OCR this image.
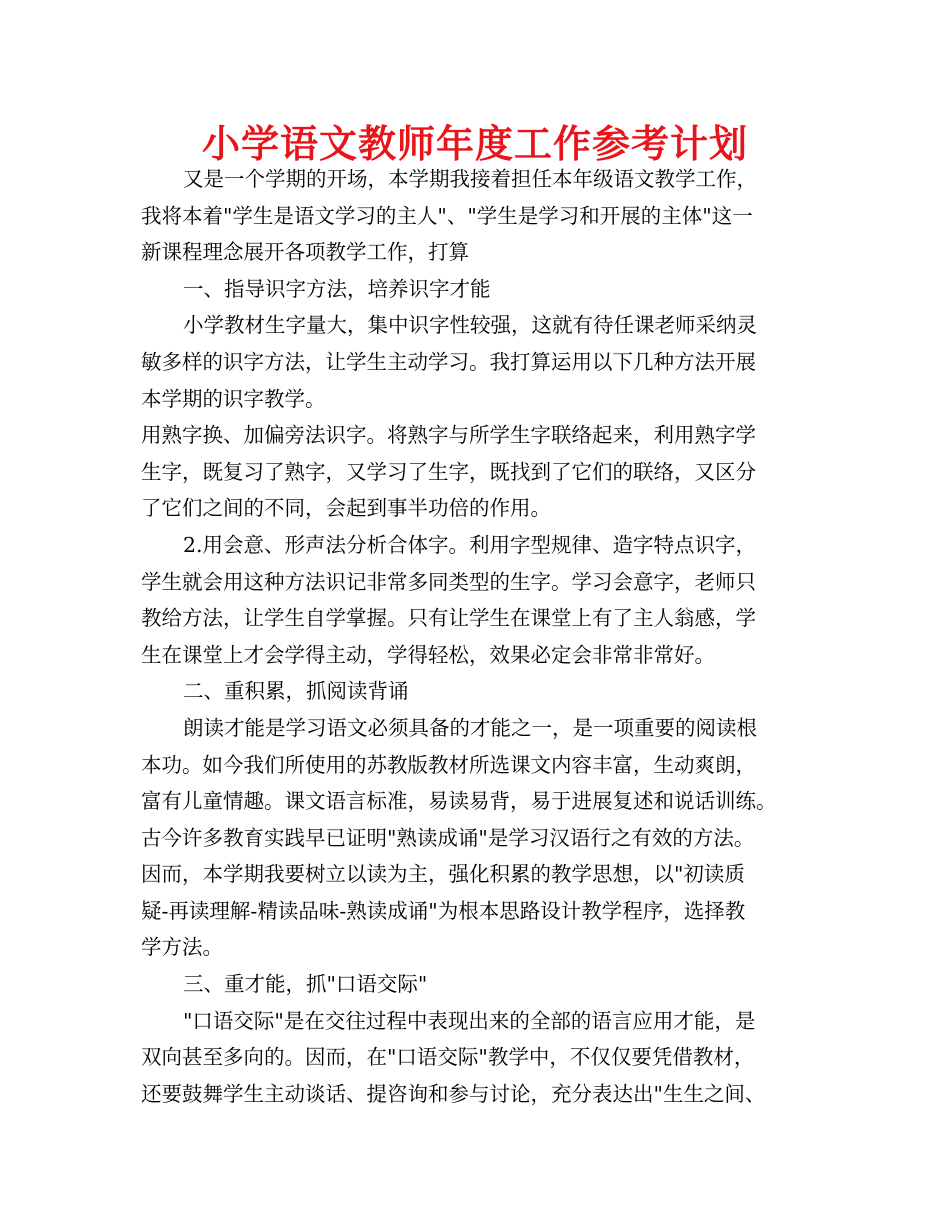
小学语文教师年度工作参考计划
又是一个学期的开场，本学期我接着担任本年级语文教学工作，
我将本着"学生是语文学习的主人"、"学生是学习和开展的主体"这一
新课程理念展开各项教学工作，打算
一、指导识字方法，培养识字才能
小学教材生字量大，集中识字性较强，这就有待任课老师采纳灵
敏多样的识字方法，让学生主动学习。我打算运用以下几种方法开展
本学期的识字教学。
用熟字换、加偏旁法识字。将熟字与所学生字联络起来，利用熟字学
生字，既复习了熟字，又学习了生字，既找到了它们的联络，又区分
了它们之间的不同，会起到事半功倍的作用。
2.用会意、形声法分析合体字。利用字型规律、造字特点识字，
学生就会用这种方法识记非常多同类型的生字。学习会意字，老师只
教给方法，让学生自学掌握。只有让学生在课堂上有了主人翁感，学
生在课堂上才会学得主动，学得轻松，效果必定会非常非常好。
二、重积累，抓阅读背诵
朗读才能是学习语文必须具备的才能之一，是一项重要的阅读根
本功。如今我们所使用的苏教版教材所选课文内容丰富，生动爽朗，
富有儿童情趣。课文语言标准，易读易背，易于进展复述和说话训练。
古今许多教育实践早已证明"熟读成诵"是学习汉语行之有效的方法。
因而，本学期我要树立以读为主，强化积累的教学思想，以"初读质
疑-再读理解-精读品味-熟读成诵"为根本思路设计教学程序，选择教
学方法。
三、重才能，抓"口语交际"
"口语交际"是在交往过程中表现出来的全部的语言应用才能，是
双向甚至多向的。因而，在"口语交际"教学中，不仅仅要凭借教材，
还要鼓舞学生主动谈话、提咨询和参与讨论，充分表达出"生生之间、
